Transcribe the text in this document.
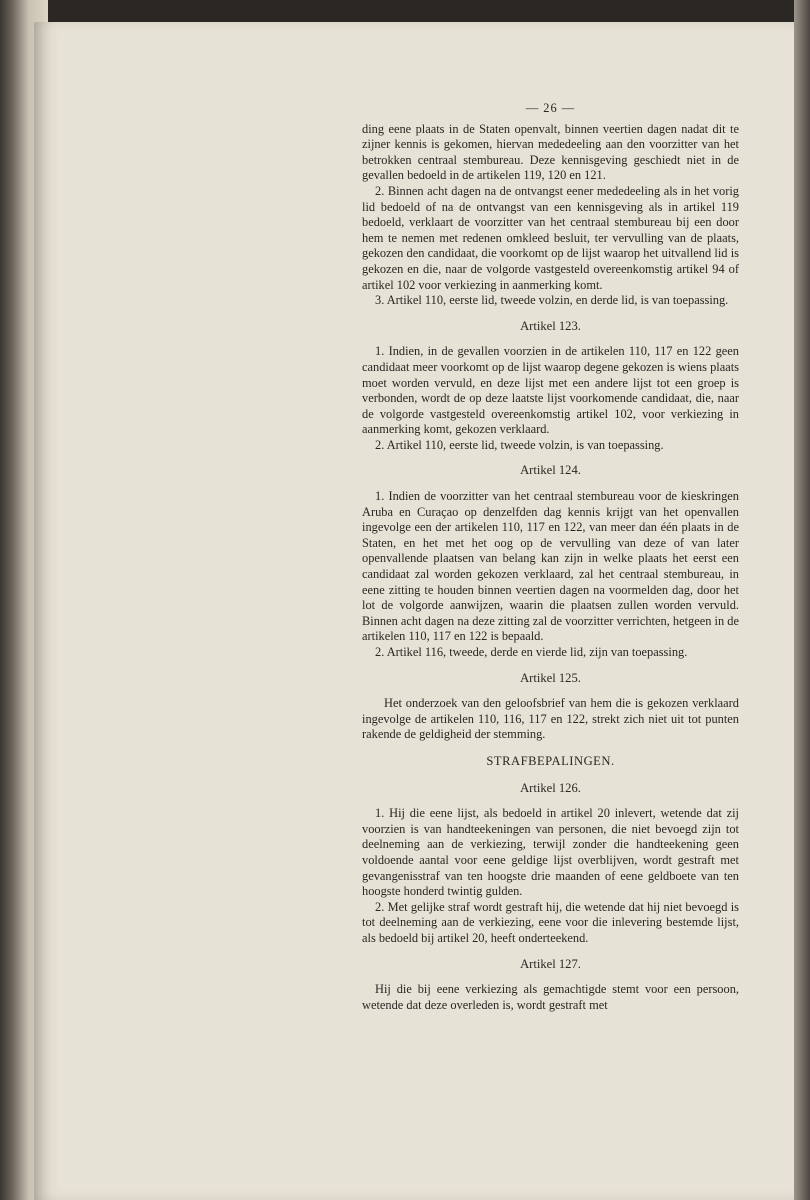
— 26 —

ding eene plaats in de Staten openvalt, binnen veertien dagen nadat dit te zijner kennis is gekomen, hiervan mededeeling aan den voorzitter van het betrokken centraal stembureau. Deze kennisgeving geschiedt niet in de gevallen bedoeld in de artikelen 119, 120 en 121.

2. Binnen acht dagen na de ontvangst eener mededeeling als in het vorig lid bedoeld of na de ontvangst van een kennisgeving als in artikel 119 bedoeld, verklaart de voorzitter van het centraal stembureau bij een door hem te nemen met redenen omkleed besluit, ter vervulling van de plaats, gekozen den candidaat, die voorkomt op de lijst waarop het uitvallend lid is gekozen en die, naar de volgorde vastgesteld overeenkomstig artikel 94 of artikel 102 voor verkiezing in aanmerking komt.

3. Artikel 110, eerste lid, tweede volzin, en derde lid, is van toepassing.

Artikel 123.

1. Indien, in de gevallen voorzien in de artikelen 110, 117 en 122 geen candidaat meer voorkomt op de lijst waarop degene gekozen is wiens plaats moet worden vervuld, en deze lijst met een andere lijst tot een groep is verbonden, wordt de op deze laatste lijst voorkomende candidaat, die, naar de volgorde vastgesteld overeenkomstig artikel 102, voor verkiezing in aanmerking komt, gekozen verklaard.

2. Artikel 110, eerste lid, tweede volzin, is van toepassing.

Artikel 124.

1. Indien de voorzitter van het centraal stembureau voor de kieskringen Aruba en Curaçao op denzelfden dag kennis krijgt van het openvallen ingevolge een der artikelen 110, 117 en 122, van meer dan één plaats in de Staten, en het met het oog op de vervulling van deze of van later openvallende plaatsen van belang kan zijn in welke plaats het eerst een candidaat zal worden gekozen verklaard, zal het centraal stembureau, in eene zitting te houden binnen veertien dagen na voormelden dag, door het lot de volgorde aanwijzen, waarin die plaatsen zullen worden vervuld. Binnen acht dagen na deze zitting zal de voorzitter verrichten, hetgeen in de artikelen 110, 117 en 122 is bepaald.

2. Artikel 116, tweede, derde en vierde lid, zijn van toepassing.

Artikel 125.

Het onderzoek van den geloofsbrief van hem die is gekozen verklaard ingevolge de artikelen 110, 116, 117 en 122, strekt zich niet uit tot punten rakende de geldigheid der stemming.

STRAFBEPALINGEN.
Artikel 126.

1. Hij die eene lijst, als bedoeld in artikel 20 inlevert, wetende dat zij voorzien is van handteekeningen van personen, die niet bevoegd zijn tot deelneming aan de verkiezing, terwijl zonder die handteekening geen voldoende aantal voor eene geldige lijst overblijven, wordt gestraft met gevangenisstraf van ten hoogste drie maanden of eene geldboete van ten hoogste honderd twintig gulden.

2. Met gelijke straf wordt gestraft hij, die wetende dat hij niet bevoegd is tot deelneming aan de verkiezing, eene voor die inlevering bestemde lijst, als bedoeld bij artikel 20, heeft onderteekend.

Artikel 127.

Hij die bij eene verkiezing als gemachtigde stemt voor een persoon, wetende dat deze overleden is, wordt gestraft met
